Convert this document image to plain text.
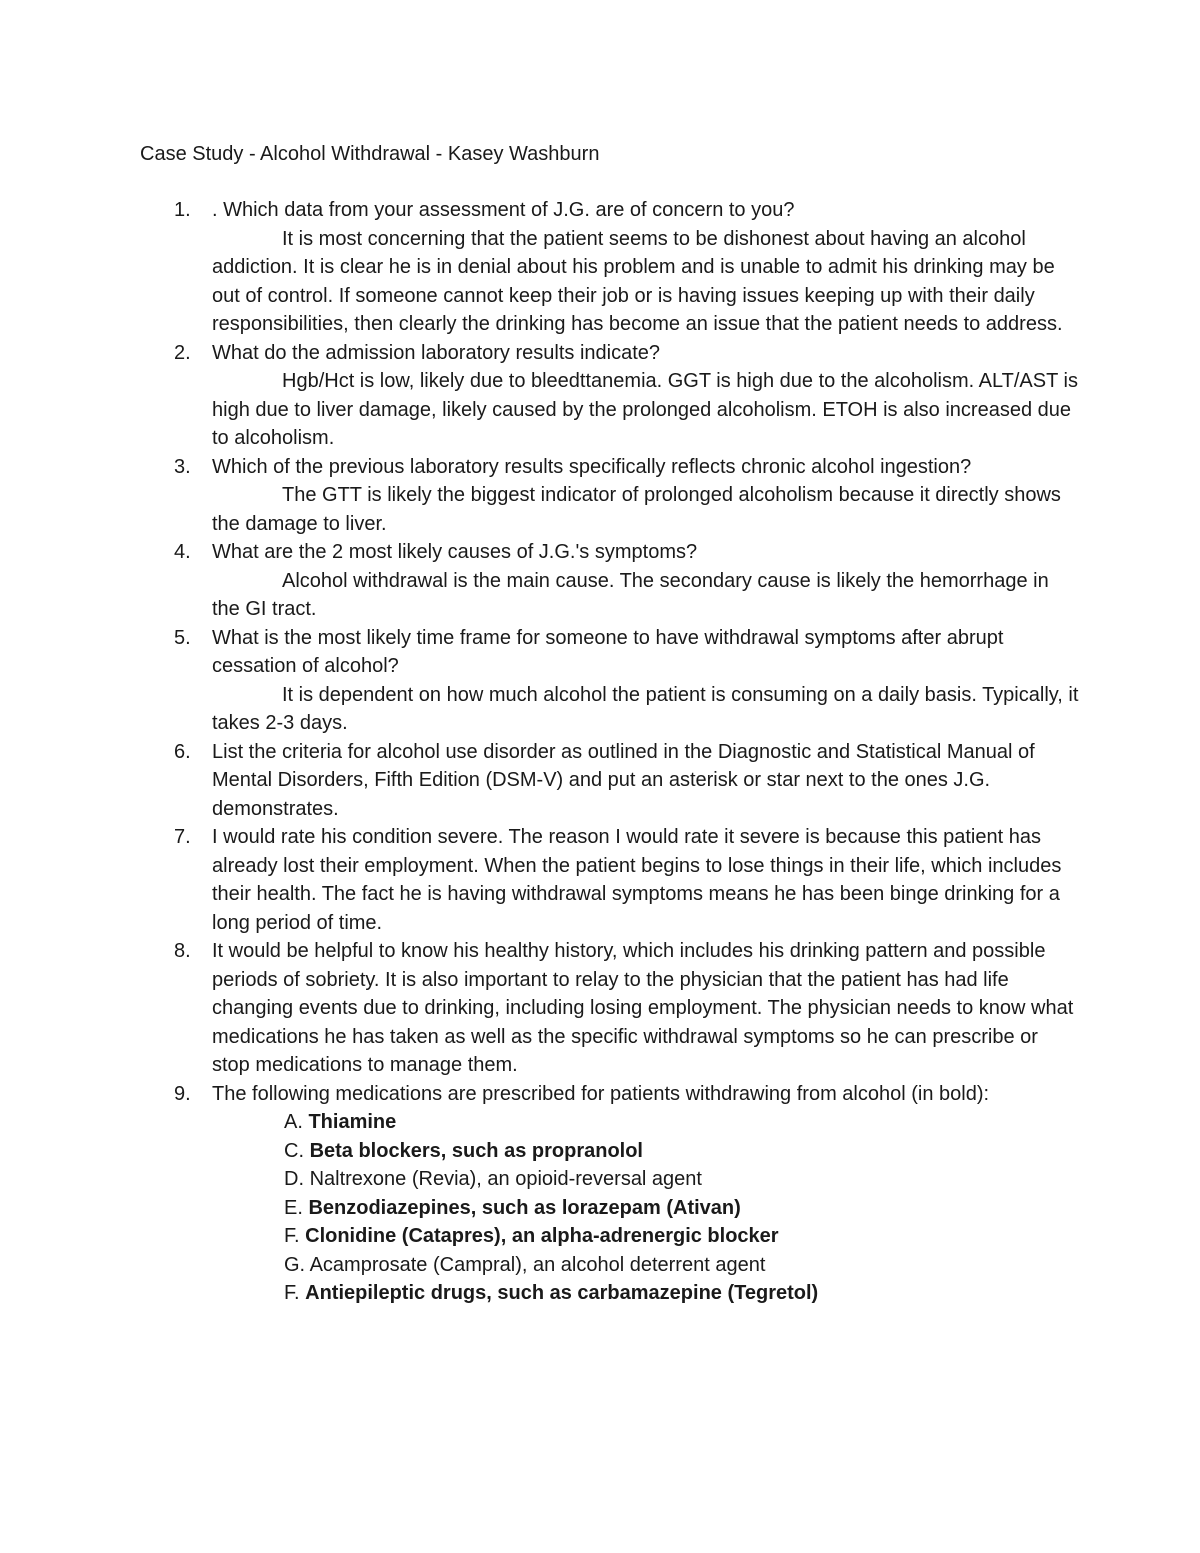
Case Study - Alcohol Withdrawal - Kasey Washburn

1. . Which data from your assessment of J.G. are of concern to you?
It is most concerning that the patient seems to be dishonest about having an alcohol addiction. It is clear he is in denial about his problem and is unable to admit his drinking may be out of control. If someone cannot keep their job or is having issues keeping up with their daily responsibilities, then clearly the drinking has become an issue that the patient needs to address.
2. What do the admission laboratory results indicate?
Hgb/Hct is low, likely due to bleedttanemia. GGT is high due to the alcoholism. ALT/AST is high due to liver damage, likely caused by the prolonged alcoholism. ETOH is also increased due to alcoholism.
3. Which of the previous laboratory results specifically reflects chronic alcohol ingestion?
The GTT is likely the biggest indicator of prolonged alcoholism because it directly shows the damage to liver.
4. What are the 2 most likely causes of J.G.'s symptoms?
Alcohol withdrawal is the main cause. The secondary cause is likely the hemorrhage in the GI tract.
5. What is the most likely time frame for someone to have withdrawal symptoms after abrupt cessation of alcohol?
It is dependent on how much alcohol the patient is consuming on a daily basis. Typically, it takes 2-3 days.
6. List the criteria for alcohol use disorder as outlined in the Diagnostic and Statistical Manual of Mental Disorders, Fifth Edition (DSM-V) and put an asterisk or star next to the ones J.G. demonstrates.
7. I would rate his condition severe. The reason I would rate it severe is because this patient has already lost their employment. When the patient begins to lose things in their life, which includes their health. The fact he is having withdrawal symptoms means he has been binge drinking for a long period of time.
8. It would be helpful to know his healthy history, which includes his drinking pattern and possible periods of sobriety. It is also important to relay to the physician that the patient has had life changing events due to drinking, including losing employment. The physician needs to know what medications he has taken as well as the specific withdrawal symptoms so he can prescribe or stop medications to manage them.
9. The following medications are prescribed for patients withdrawing from alcohol (in bold):
A. Thiamine
C. Beta blockers, such as propranolol
D. Naltrexone (Revia), an opioid-reversal agent
E. Benzodiazepines, such as lorazepam (Ativan)
F. Clonidine (Catapres), an alpha-adrenergic blocker
G. Acamprosate (Campral), an alcohol deterrent agent
F. Antiepileptic drugs, such as carbamazepine (Tegretol)
